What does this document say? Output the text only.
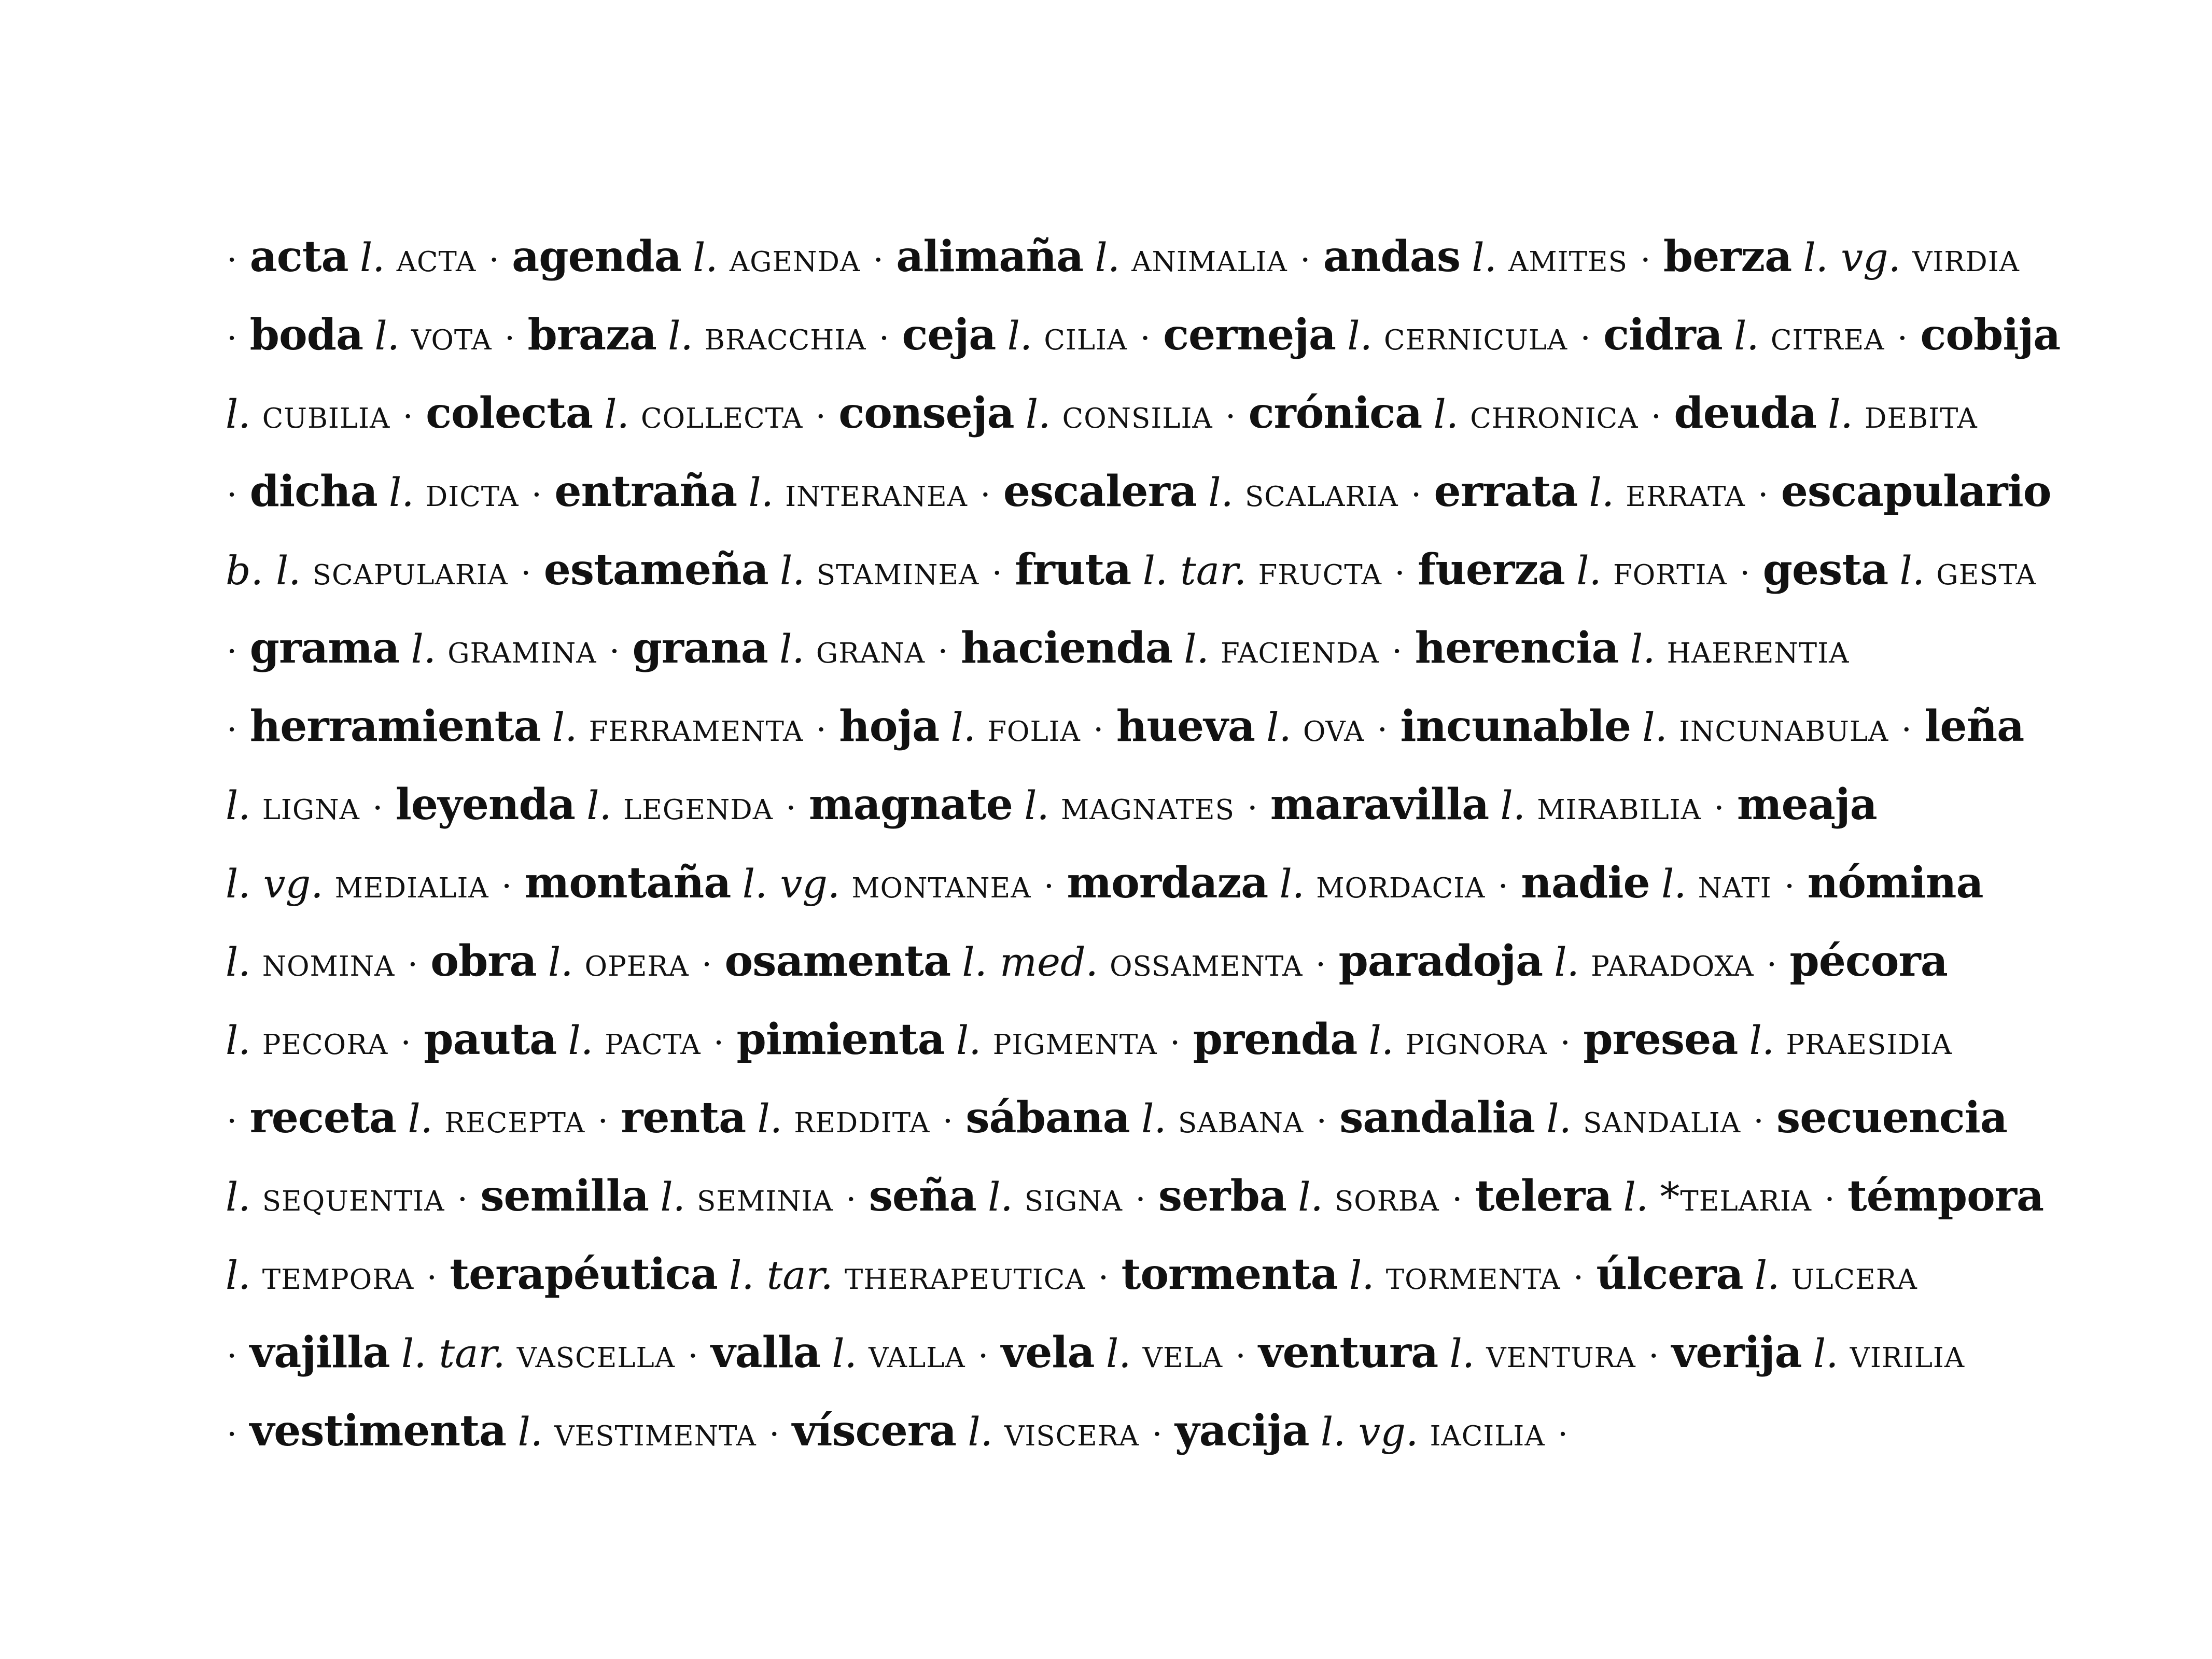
· acta l. acta · agenda l. agenda · alimaña l. animalia · andas l. amites · berza l. vg. virdia
· boda l. vota · braza l. bracchia · ceja l. cilia · cerneja l. cernicula · cidra l. citrea · cobija
l. cubilia · colecta l. collecta · conseja l. consilia · crónica l. chronica · deuda l. debita
· dicha l. dicta · entraña l. interanea · escalera l. scalaria · errata l. errata · escapulario
b. l. scapularia · estameña l. staminea · fruta l. tar. fructa · fuerza l. fortia · gesta l. gesta
· grama l. gramina · grana l. grana · hacienda l. facienda · herencia l. haerentia
· herramienta l. ferramenta · hoja l. folia · hueva l. ova · incunable l. incunabula · leña
l. ligna · leyenda l. legenda · magnate l. magnates · maravilla l. mirabilia · meaja
l. vg. medialia · montaña l. vg. montanea · mordaza l. mordacia · nadie l. nati · nómina
l. nomina · obra l. opera · osamenta l. med. ossamenta · paradoja l. paradoxa · pécora
l. pecora · pauta l. pacta · pimienta l. pigmenta · prenda l. pignora · presea l. praesidia
· receta l. recepta · renta l. reddita · sábana l. sabana · sandalia l. sandalia · secuencia
l. sequentia · semilla l. seminia · seña l. signa · serba l. sorba · telera l. *telaria · témpora
l. tempora · terapéutica l. tar. therapeutica · tormenta l. tormenta · úlcera l. ulcera
· vajilla l. tar. vascella · valla l. valla · vela l. vela · ventura l. ventura · verija l. virilia
· vestimenta l. vestimenta · víscera l. viscera · yacija l. vg. iacilia ·
